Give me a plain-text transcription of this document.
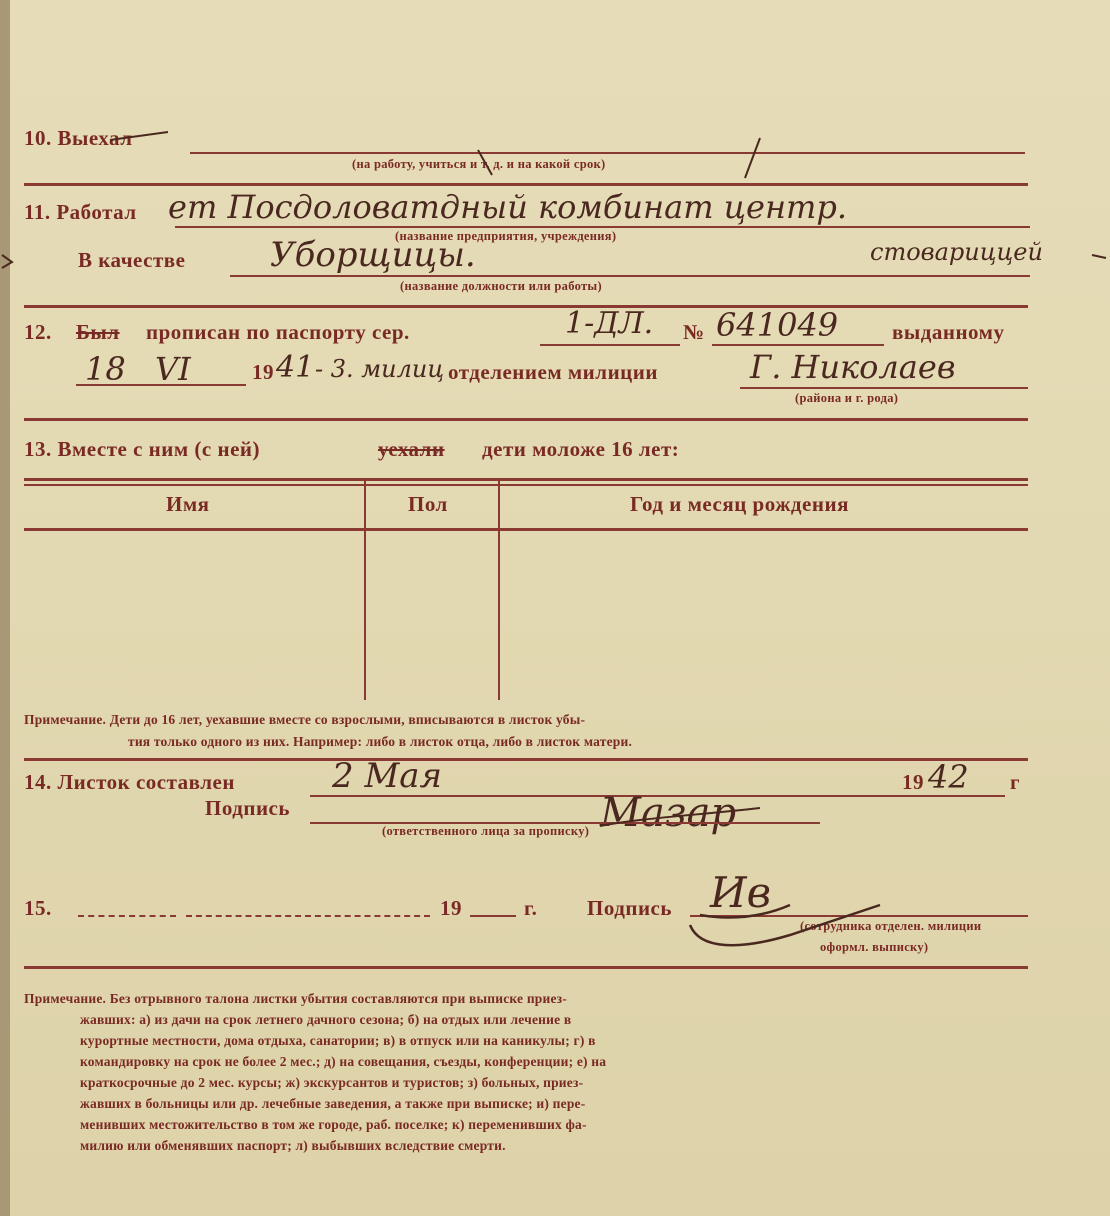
10. Выехал
(на работу, учиться и т. д. и на какой срок)
11. Работал ет Посдоловатдный комбинат центр.
(название предприятия, учреждения)
В качестве Уборщицы.	стовариццей
(название должности или работы)
12. Был прописан по паспорту сер.	1-ДЛ. № 641049	выданному
18 VI	19 41 - 3. милиц отделением милиции	Г. Николаев
(района и г. рода)
13. Вместе с ним (с ней)	уехали дети моложе 16 лет:
Имя	Пол	Год и месяц рождения
Примечание. Дети до 16 лет, уехавшие вместе со взрослыми, вписываются в листок убы-
тия только одного из них. Например: либо в листок отца, либо в листок матери.
14. Листок составлен	2 Мая	19 42 г
Подпись	Мазар
(ответственного лица за прописку)
15.	19	г. Подпись Ив
(сотрудника отделен. милиции
оформл. выписку)
Примечание. Без отрывного талона листки убытия составляются при выписке приез-
жавших: а) из дачи на срок летнего дачного сезона; б) на отдых или лечение в
курортные местности, дома отдыха, санатории; в) в отпуск или на каникулы; г) в
командировку на срок не более 2 мес.; д) на совещания, съезды, конференции; е) на
краткосрочные до 2 мес. курсы; ж) экскурсантов и туристов; з) больных, приез-
жавших в больницы или др. лечебные заведения, а также при выписке; и) пере-
менивших местожительство в том же городе, раб. поселке; к) переменивших фа-
милию или обменявших паспорт; л) выбывших вследствие смерти.
